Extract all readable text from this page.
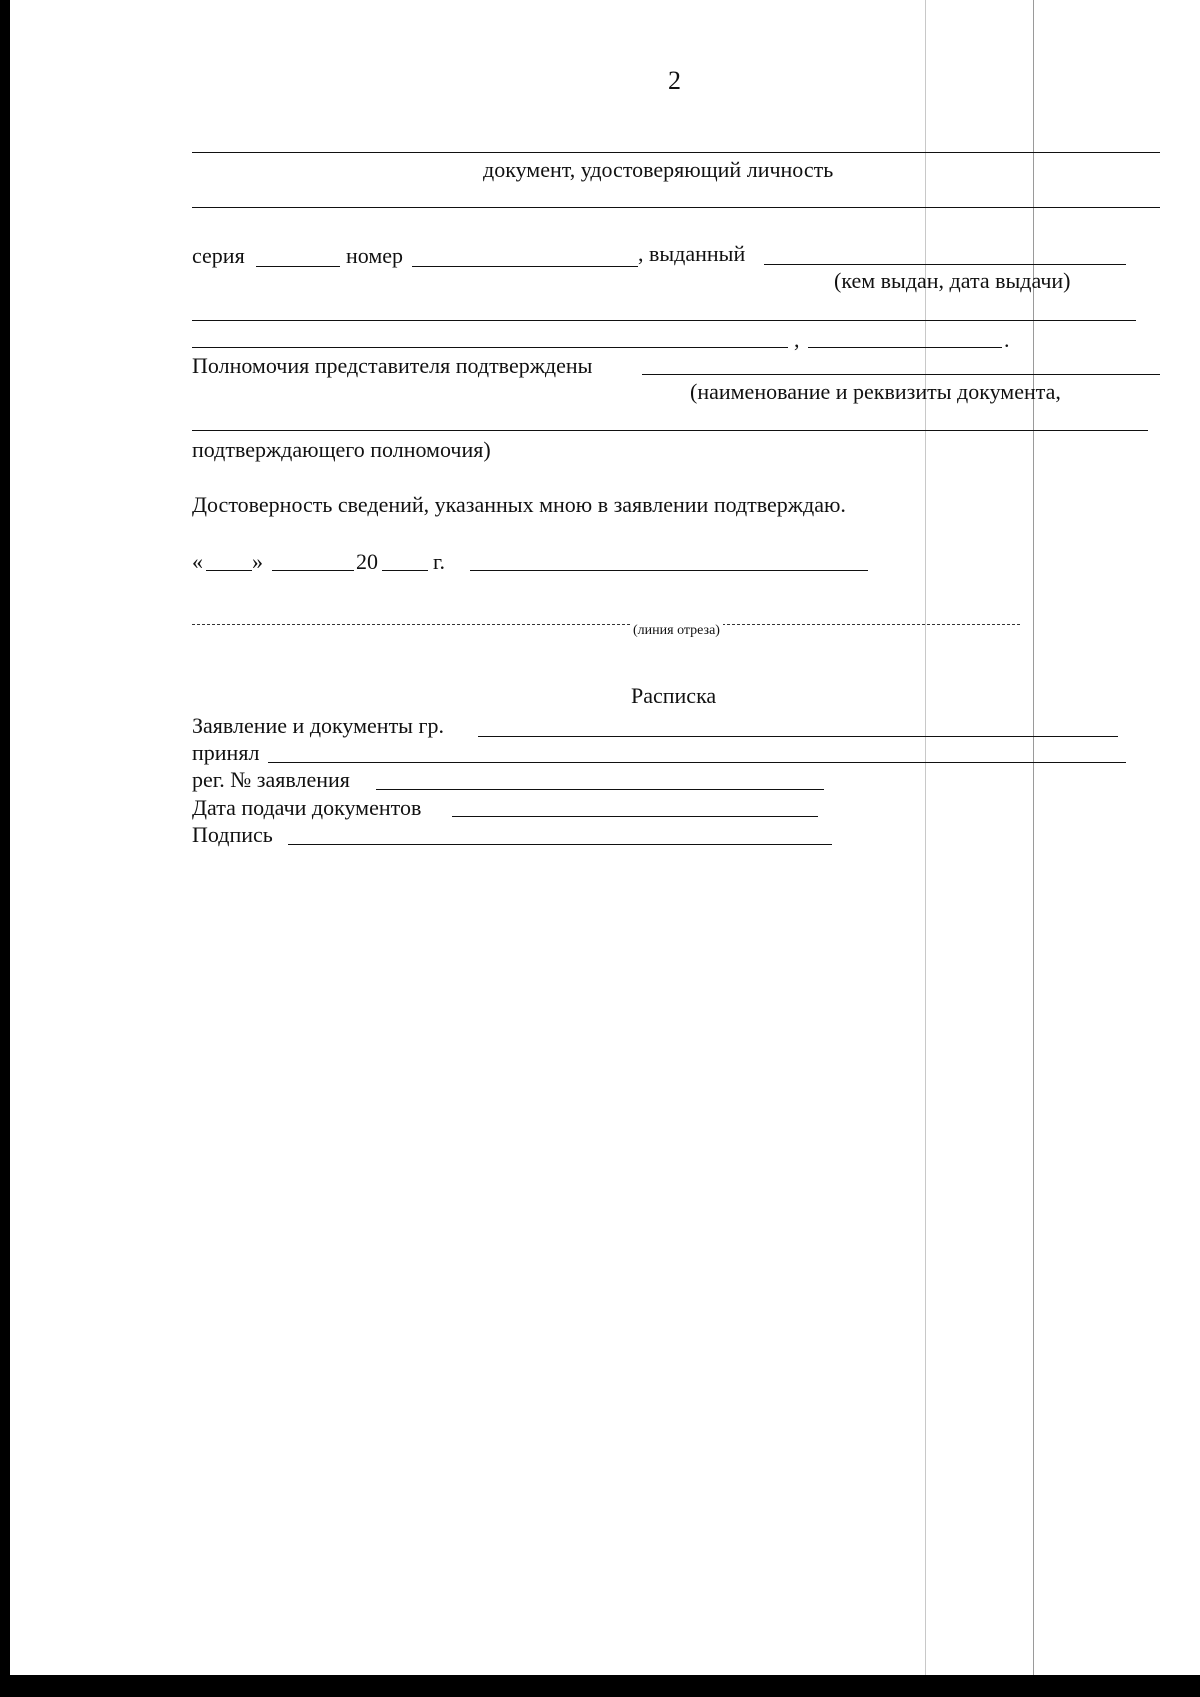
2
документ, удостоверяющий личность
серия	номер	, выданный
(кем выдан, дата выдачи)
,	.
Полномочия представителя подтверждены
(наименование и реквизиты документа,
подтверждающего полномочия)
Достоверность сведений, указанных мною в заявлении подтверждаю.
« »	20	г.
(линия отреза)
Расписка
Заявление и документы гр.
принял
рег. № заявления
Дата подачи документов
Подпись
